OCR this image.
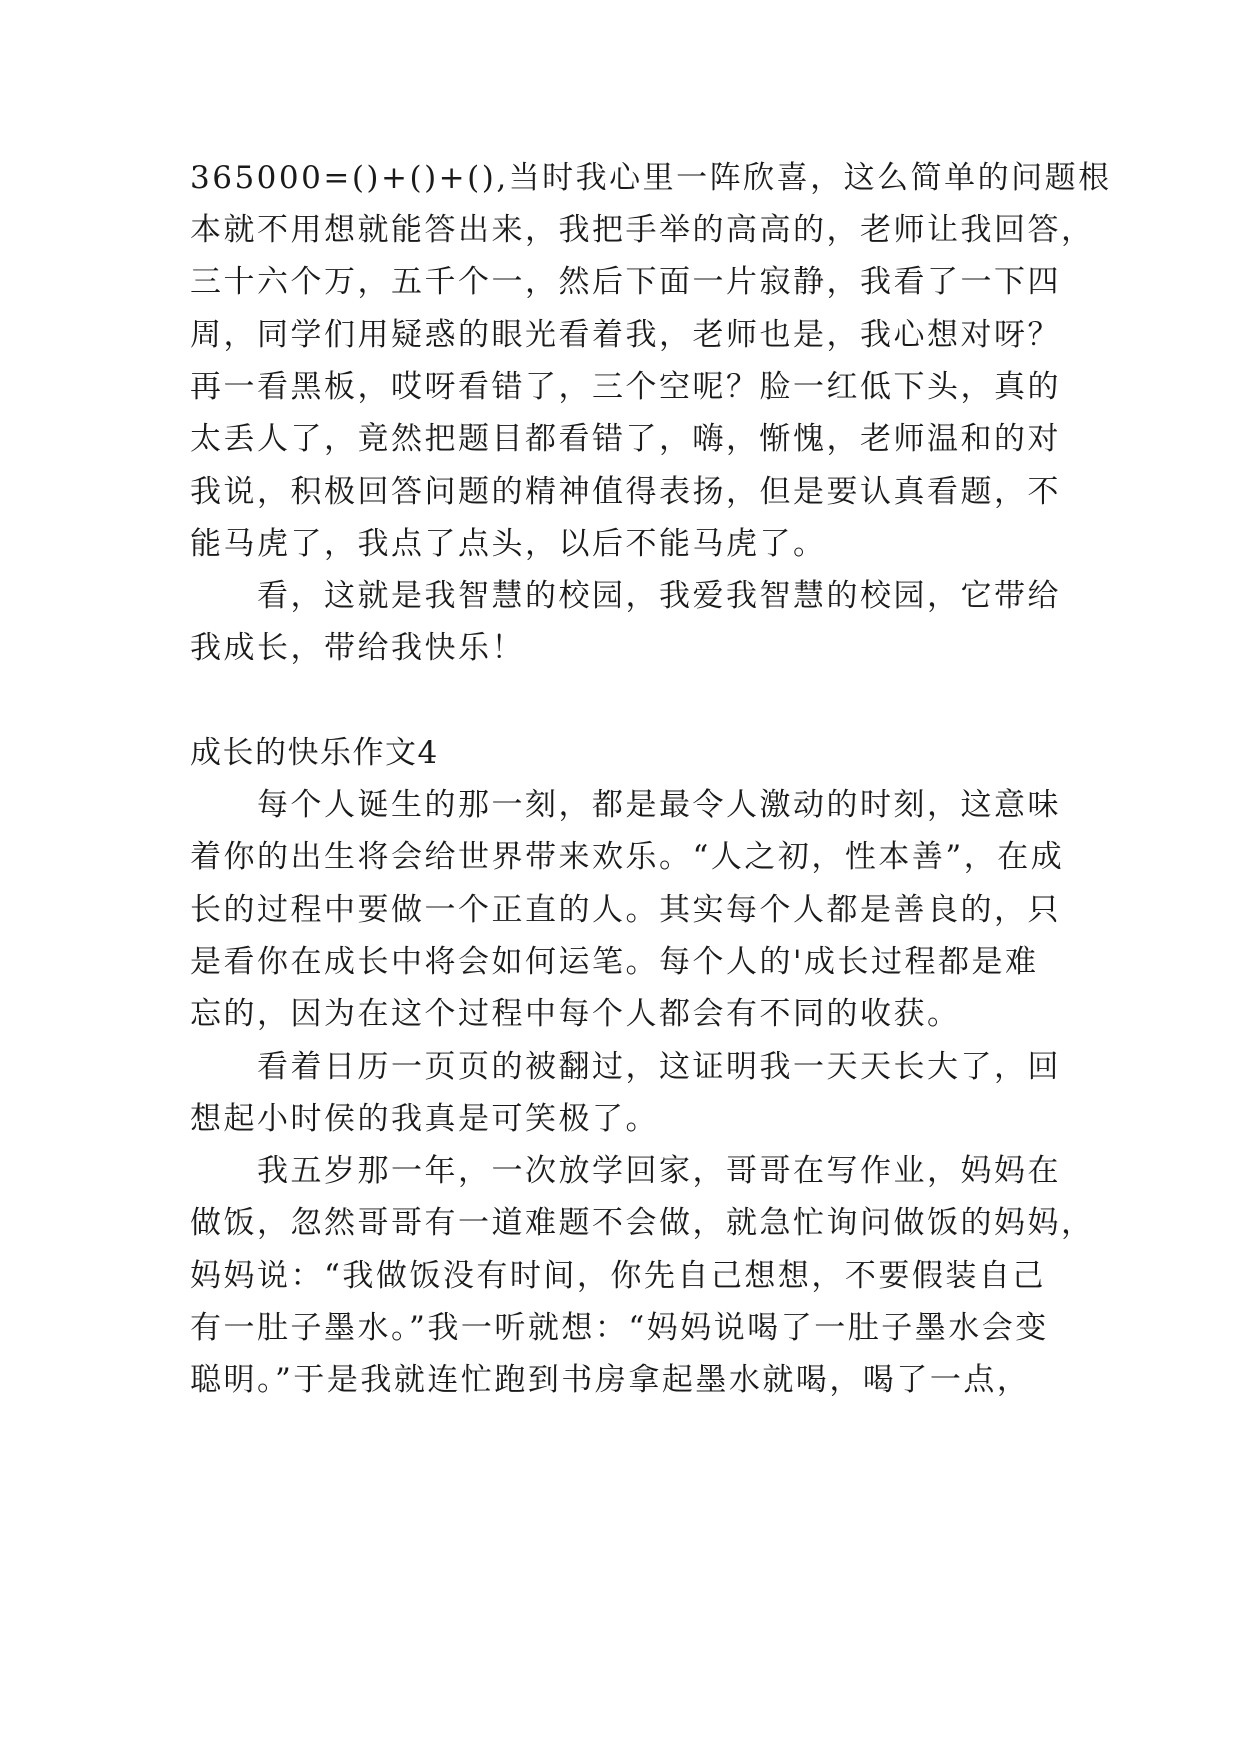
365000=()+()+(),当时我心里一阵欣喜，这么简单的问题根
本就不用想就能答出来，我把手举的高高的，老师让我回答，
三十六个万，五千个一，然后下面一片寂静，我看了一下四
周，同学们用疑惑的眼光看着我，老师也是，我心想对呀？
再一看黑板，哎呀看错了，三个空呢？脸一红低下头，真的
太丢人了，竟然把题目都看错了，嗨，惭愧，老师温和的对
我说，积极回答问题的精神值得表扬，但是要认真看题，不
能马虎了，我点了点头，以后不能马虎了。
　　看，这就是我智慧的校园，我爱我智慧的校园，它带给
我成长，带给我快乐！
成长的快乐作文4
　　每个人诞生的那一刻，都是最令人激动的时刻，这意味
着你的出生将会给世界带来欢乐。“人之初，性本善”，在成
长的过程中要做一个正直的人。其实每个人都是善良的，只
是看你在成长中将会如何运笔。每个人的'成长过程都是难
忘的，因为在这个过程中每个人都会有不同的收获。
　　看着日历一页页的被翻过，这证明我一天天长大了，回
想起小时侯的我真是可笑极了。
　　我五岁那一年，一次放学回家，哥哥在写作业，妈妈在
做饭，忽然哥哥有一道难题不会做，就急忙询问做饭的妈妈，
妈妈说：“我做饭没有时间，你先自己想想，不要假装自己
有一肚子墨水。”我一听就想：“妈妈说喝了一肚子墨水会变
聪明。”于是我就连忙跑到书房拿起墨水就喝，喝了一点，
